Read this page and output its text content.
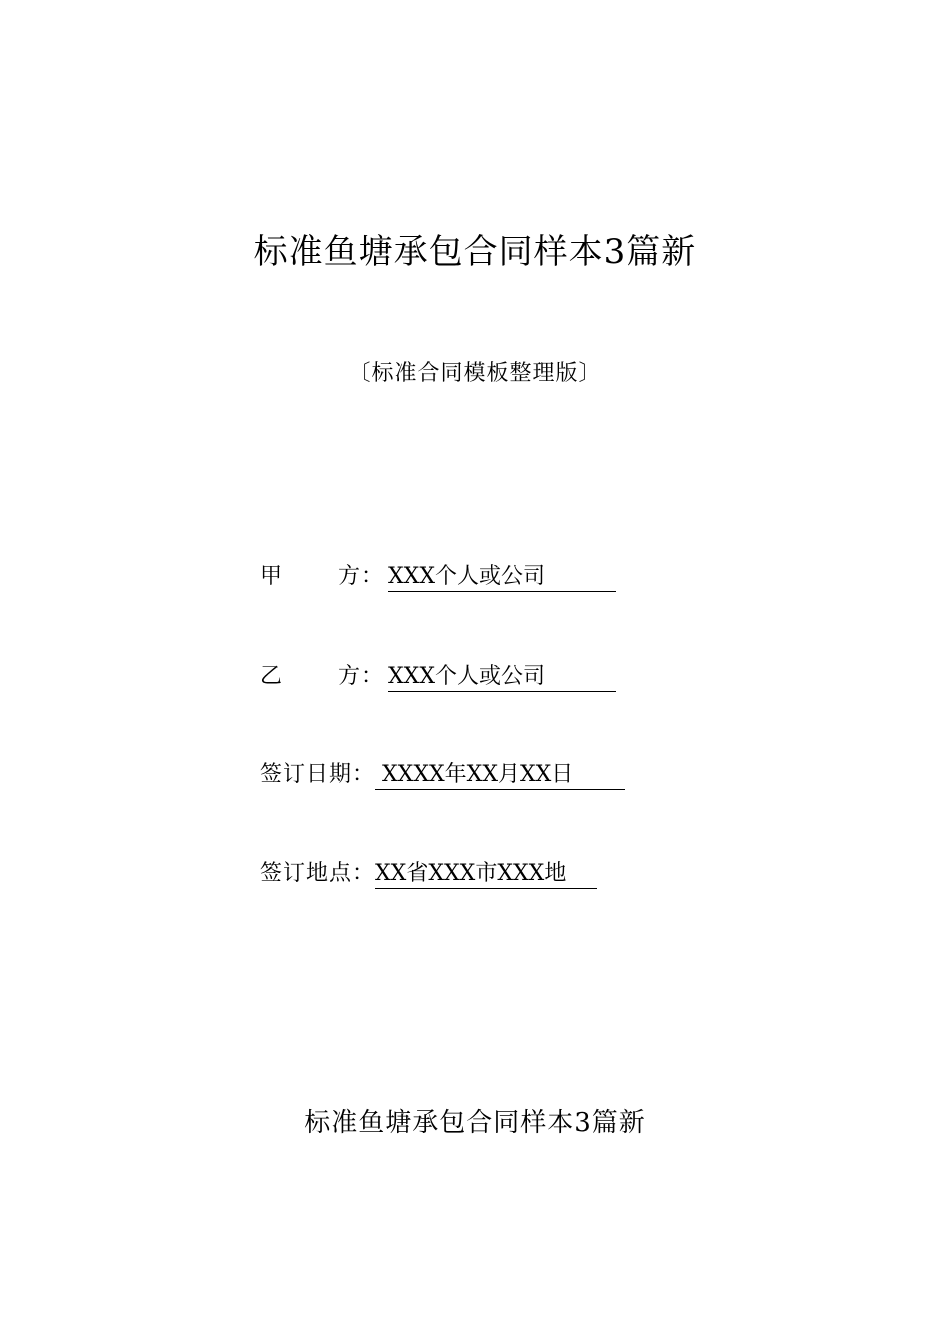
标准鱼塘承包合同样本3篇新
〔标准合同模板整理版〕
甲 方： XXX个人或公司
乙 方： XXX个人或公司
签订日期： XXXX年XX月XX日
签订地点：XX省XXX市XXX地
标准鱼塘承包合同样本3篇新
